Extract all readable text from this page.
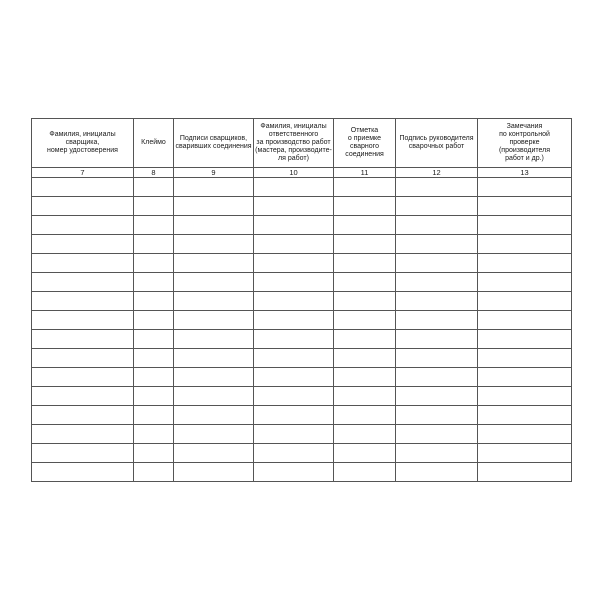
Фамилия, инициалы сварщика,
номер удостоверения	Клеймо	Подписи сварщиков,
сваривших соединения	Фамилия, инициалы
ответственного
за производство работ
(мастера, производите-
ля работ)	Отметка
о приемке
сварного
соединения	Подпись руководителя
сварочных работ	Замечания
по контрольной
проверке
(производителя
работ и др.)
7	8	9	10	11	12	13
